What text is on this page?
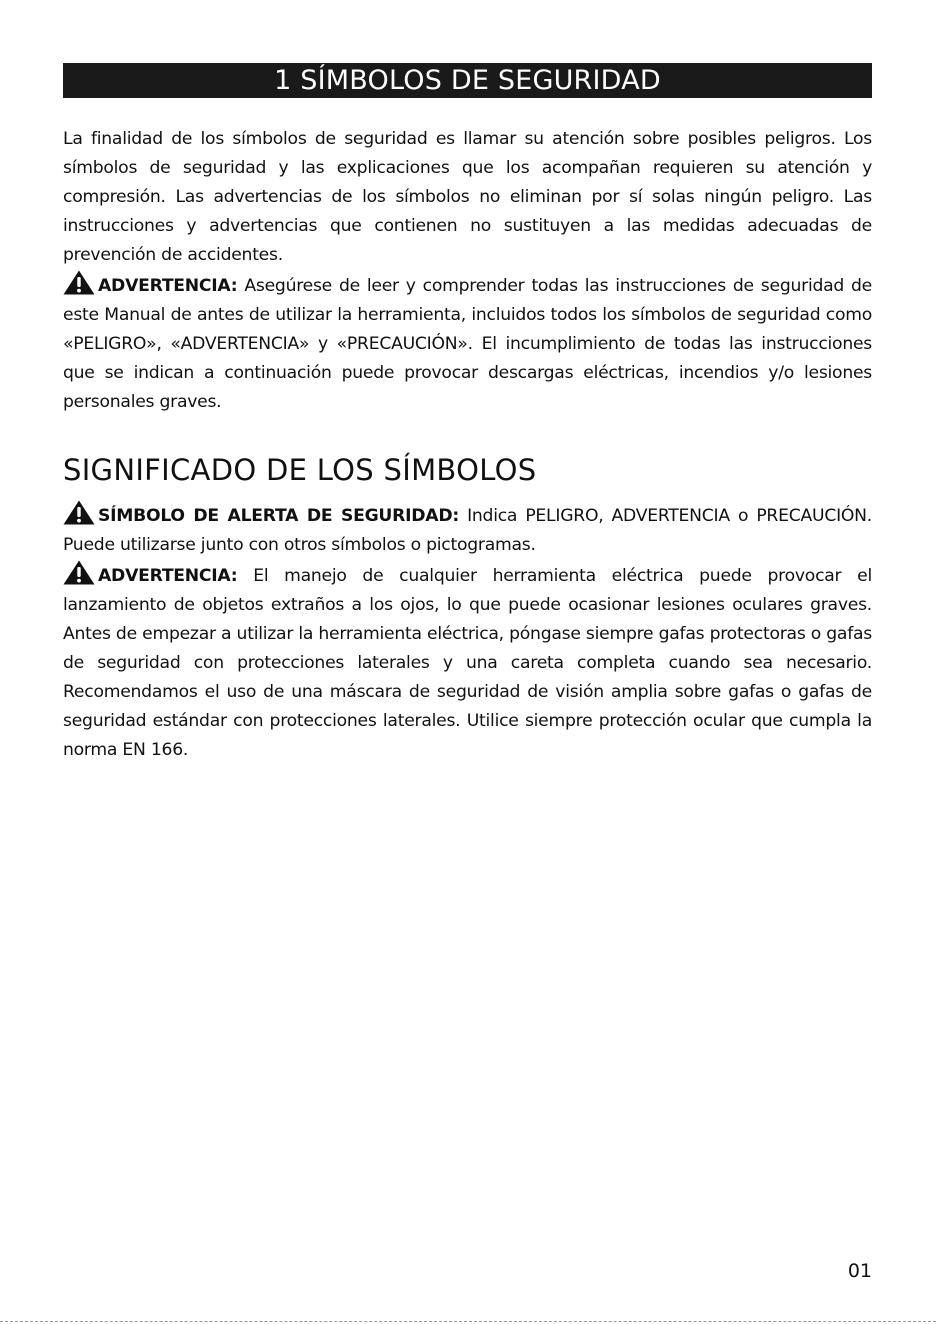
1 SÍMBOLOS DE SEGURIDAD

La finalidad de los símbolos de seguridad es llamar su atención sobre posibles peligros. Los símbolos de seguridad y las explicaciones que los acompañan requieren su atención y compresión. Las advertencias de los símbolos no eliminan por sí solas ningún peligro. Las instrucciones y advertencias que contienen no sustituyen a las medidas adecuadas de prevención de accidentes.

ADVERTENCIA: Asegúrese de leer y comprender todas las instrucciones de seguridad de este Manual de antes de utilizar la herramienta, incluidos todos los símbolos de seguridad como «PELIGRO», «ADVERTENCIA» y «PRECAUCIÓN». El incumplimiento de todas las instrucciones que se indican a continuación puede provocar descargas eléctricas, incendios y/o lesiones personales graves.

SIGNIFICADO DE LOS SÍMBOLOS

SÍMBOLO DE ALERTA DE SEGURIDAD: Indica PELIGRO, ADVERTENCIA o PRECAUCIÓN. Puede utilizarse junto con otros símbolos o pictogramas.

ADVERTENCIA: El manejo de cualquier herramienta eléctrica puede provocar el lanzamiento de objetos extraños a los ojos, lo que puede ocasionar lesiones oculares graves. Antes de empezar a utilizar la herramienta eléctrica, póngase siempre gafas protectoras o gafas de seguridad con protecciones laterales y una careta completa cuando sea necesario. Recomendamos el uso de una máscara de seguridad de visión amplia sobre gafas o gafas de seguridad estándar con protecciones laterales. Utilice siempre protección ocular que cumpla la norma EN 166.

01
